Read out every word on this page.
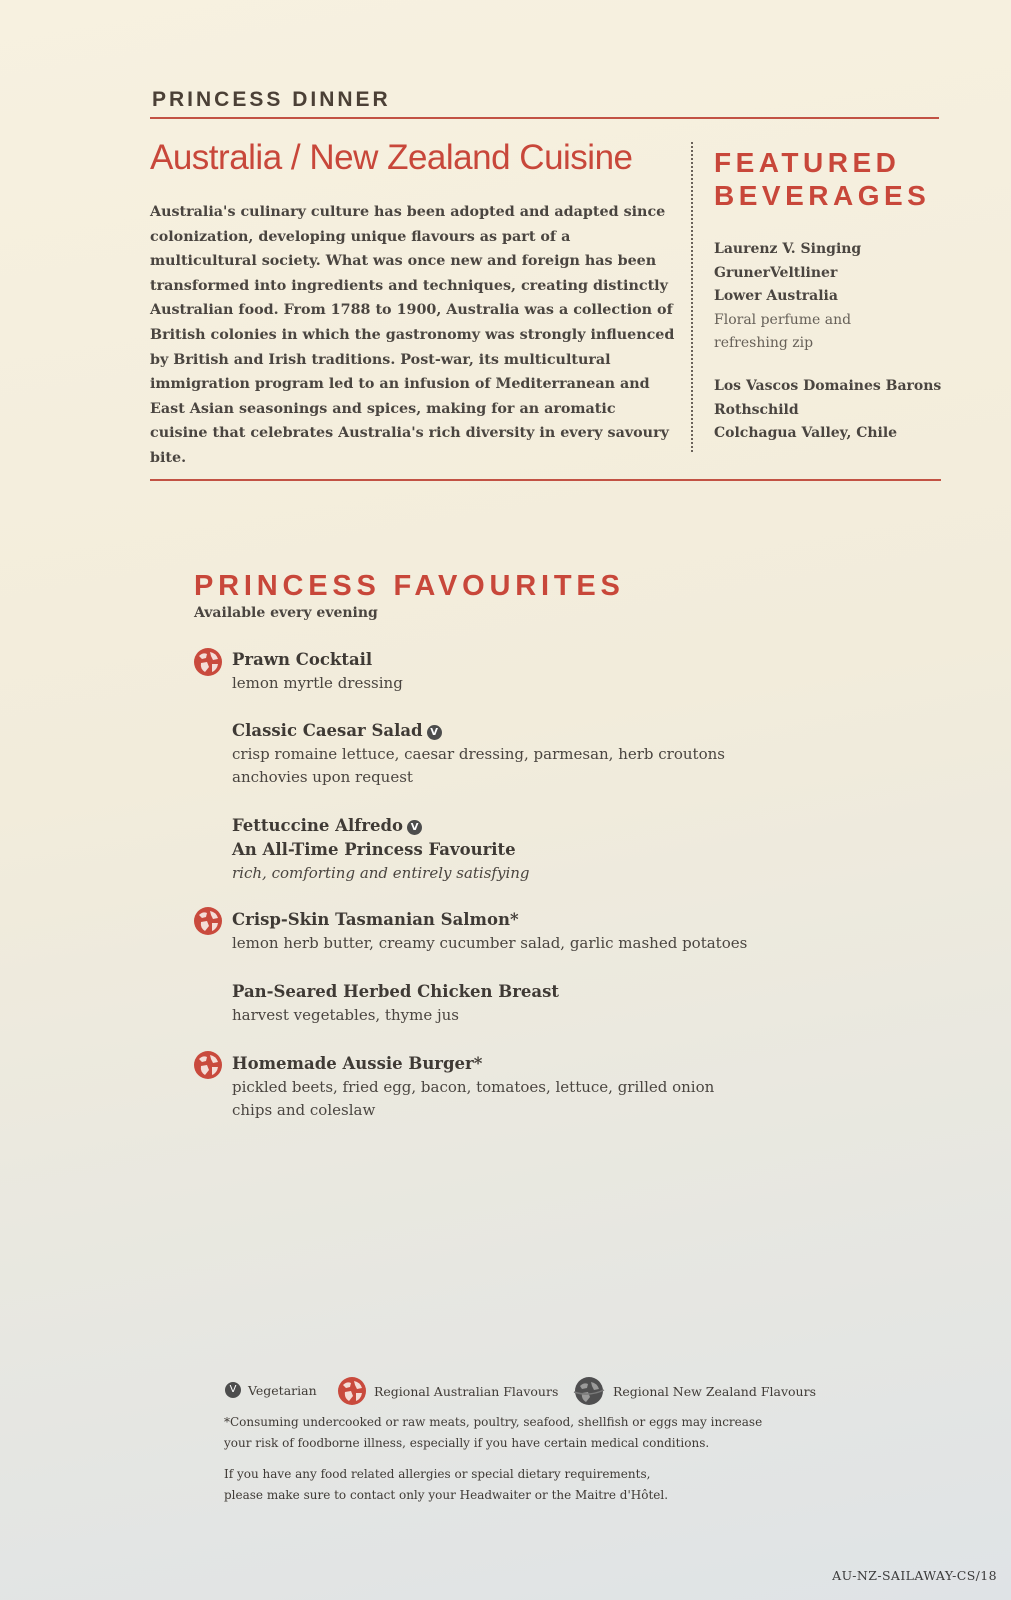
PRINCESS DINNER
Australia / New Zealand Cuisine

Australia's culinary culture has been adopted and adapted since colonization, developing unique flavours as part of a multicultural society. What was once new and foreign has been transformed into ingredients and techniques, creating distinctly Australian food. From 1788 to 1900, Australia was a collection of British colonies in which the gastronomy was strongly influenced by British and Irish traditions. Post-war, its multicultural immigration program led to an infusion of Mediterranean and East Asian seasonings and spices, making for an aromatic cuisine that celebrates Australia's rich diversity in every savoury bite.

FEATURED
BEVERAGES
Laurenz V. Singing
GrunerVeltliner
Lower Australia
Floral perfume and
refreshing zip
Los Vascos Domaines Barons
Rothschild
Colchagua Valley, Chile
PRINCESS FAVOURITES
Available every evening
Prawn Cocktail
lemon myrtle dressing
Classic Caesar Salad V
crisp romaine lettuce, caesar dressing, parmesan, herb croutons
anchovies upon request
Fettuccine Alfredo V
An All-Time Princess Favourite
rich, comforting and entirely satisfying
Crisp-Skin Tasmanian Salmon*
lemon herb butter, creamy cucumber salad, garlic mashed potatoes
Pan-Seared Herbed Chicken Breast
harvest vegetables, thyme jus
Homemade Aussie Burger*
pickled beets, fried egg, bacon, tomatoes, lettuce, grilled onion
chips and coleslaw
V Vegetarian	Regional Australian Flavours	Regional New Zealand Flavours

*Consuming undercooked or raw meats, poultry, seafood, shellfish or eggs may increase
your risk of foodborne illness, especially if you have certain medical conditions.

If you have any food related allergies or special dietary requirements,
please make sure to contact only your Headwaiter or the Maitre d'Hôtel.

AU-NZ-SAILAWAY-CS/18
